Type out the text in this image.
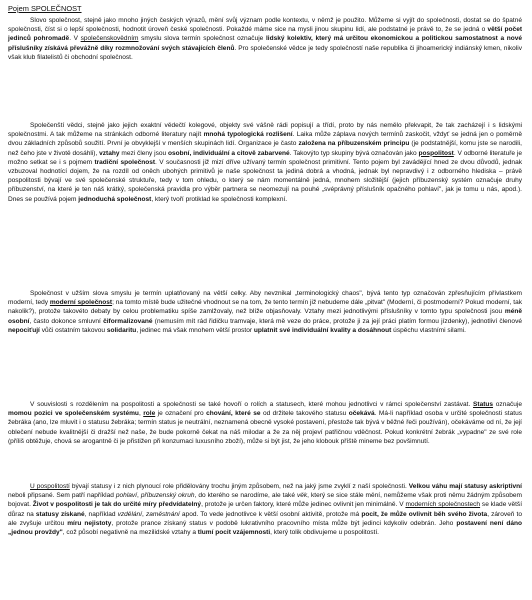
Pojem SPOLEČNOST

Slovo společnost, stejně jako mnoho jiných českých výrazů, mění svůj význam podle kontextu, v němž je použito. Můžeme si vyjít do společnosti, dostat se do špatné společnosti, číst si o lepší společnosti, hodnotit úroveň české společnosti. Pokaždé máme sice na mysli jinou skupinu lidí, ale podstatné je právě to, že se jedná o větší počet jedinců pohromadě. V společenskovědním smyslu slova termín společnost označuje lidský kolektiv, který má určitou ekonomickou a politickou samostatnost a nové příslušníky získává převážně díky rozmnožování svých stávajících členů. Pro společenské vědce je tedy společností naše republika či jihoamerický indiánský kmen, nikoliv však klub filatelistů či obchodní společnost.

Společenští vědci, stejně jako jejich exaktní vědečtí kolegové, objekty své vášně rádi popisují a třídí, proto by nás nemělo překvapit, že tak zacházejí i s lidskými společnostmi. A tak můžeme na stránkách odborné literatury najít mnohá typologická rozlišení. Laika může záplava nových termínů zaskočit, vždyť se jedná jen o poměrně dvou základních způsobů soužití. První je obvyklejší v menších skupinách lidí. Organizace je často založena na příbuzenském principu (je podstatnější, komu jste se narodili, než čeho jste v životě dosáhli), vztahy mezi členy jsou osobní, individuální a citově zabarvené. Takovýto typ skupiny bývá označován jako pospolitost. V odborné literatuře je možno setkat se i s pojmem tradiční společnost. V současnosti již mizí dříve užívaný termín společnost primitivní. Tento pojem byl zavádějící hned ze dvou důvodů, jednak vzbuzoval hodnotící dojem, že na rozdíl od oněch ubohých primitivů je naše společnost ta jediná dobrá a vhodná, jednak byl nepravdivý i z odborného hlediska – právě pospolitosti bývají ve své společenské struktuře, tedy v tom ohledu, o který se nám momentálně jedná, mnohem složitější (jejich příbuzenský systém označuje druhy příbuzenství, na které je ten náš krátký, společenská pravidla pro výběr partnera se neomezují na pouhé „svéprávný příslušník opačného pohlaví", jak je tomu u nás, apod.). Dnes se používá pojem jednoduchá společnost, který tvoří protiklad ke společnosti komplexní.

Společnost v užším slova smyslu je termín uplatňovaný na větší celky. Aby nevznikal „terminologický chaos", bývá tento typ označován zpřesňujícím přívlastkem moderní, tedy moderní společnost; na tomto místě bude užitečné vhodnout se na tom, že tento termín již nebudeme dále „pitvat" (Moderní, či postmoderní? Pokud moderní, tak nakolik?), protože takovéto debaty by celou problematiku spíše zamlžovaly, než blíže objasňovaly. Vztahy mezi jednotlivými příslušníky v tomto typu společnosti jsou méně osobní, často dokonce smluvní čiformalizované (nemusím mít rád řidičku tramvaje, která mě veze do práce, protože ji za její práci platím formou jízdenky), jednotliví členové nepociťují vůči ostatním takovou solidaritu, jedinec má však mnohem větší prostor uplatnit své individuální kvality a dosáhnout úspěchu vlastními silami.

V souvislosti s rozdělením na pospolitosti a společnosti se také hovoří o rolích a statusech, které mohou jednotlivci v rámci společenství zastávat. Status označuje momou pozici ve společenském systému, role je označení pro chování, které se od držitele takového statusu očekává. Má-li například osoba v určité společnosti status žebráka (ano, lze mluvit i o statusu žebráka; termín status je neutrální, neznamená obecně vysoké postavení, přestože tak bývá v běžné řeči používán), očekáváme od ní, že její oblečení nebude kvalitnější či dražší než naše, že bude pokorně čekat na náš milodar a že za něj projeví patřičnou vděčnost. Pokud konkrétní žebrák „vypadne" ze své role (příliš obtěžuje, chová se arogantně či je přistižen při konzumaci luxusního zboží), může si být jist, že jeho klobouk příště mineme bez povšimnutí.

U pospolitostí bývají statusy i z nich plynoucí role přidělovány trochu jiným způsobem, než na jaký jsme zvyklí z naší společnosti. Velkou váhu mají statusy askriptivní neboli připsané. Sem patří například pohlaví, příbuzenský okruh, do kterého se narodíme, ale také věk, který se sice stále mění, nemůžeme však proti němu žádným způsobem bojovat. Život v pospolitosti je tak do určité míry předvídatelný, protože je určen faktory, které může jedinec ovlivnit jen minimálně. V moderních společnostech se klade větší důraz na statusy získané, například vzdělání, zaměstnání apod. To vede jednotlivce k větší osobní aktivitě, protože má pocit, že může ovlivnit běh svého života, zároveň to ale zvyšuje určitou míru nejistoty, protože prance získaný status v podobě lukrativního pracovního místa může být jedinci kdykoliv odebrán. Jeho postavení není dáno „jednou provždy", což působí negativně na mezilidské vztahy a tlumí pocit vzájemnosti, který tolik obdivujeme u pospolitostí.
